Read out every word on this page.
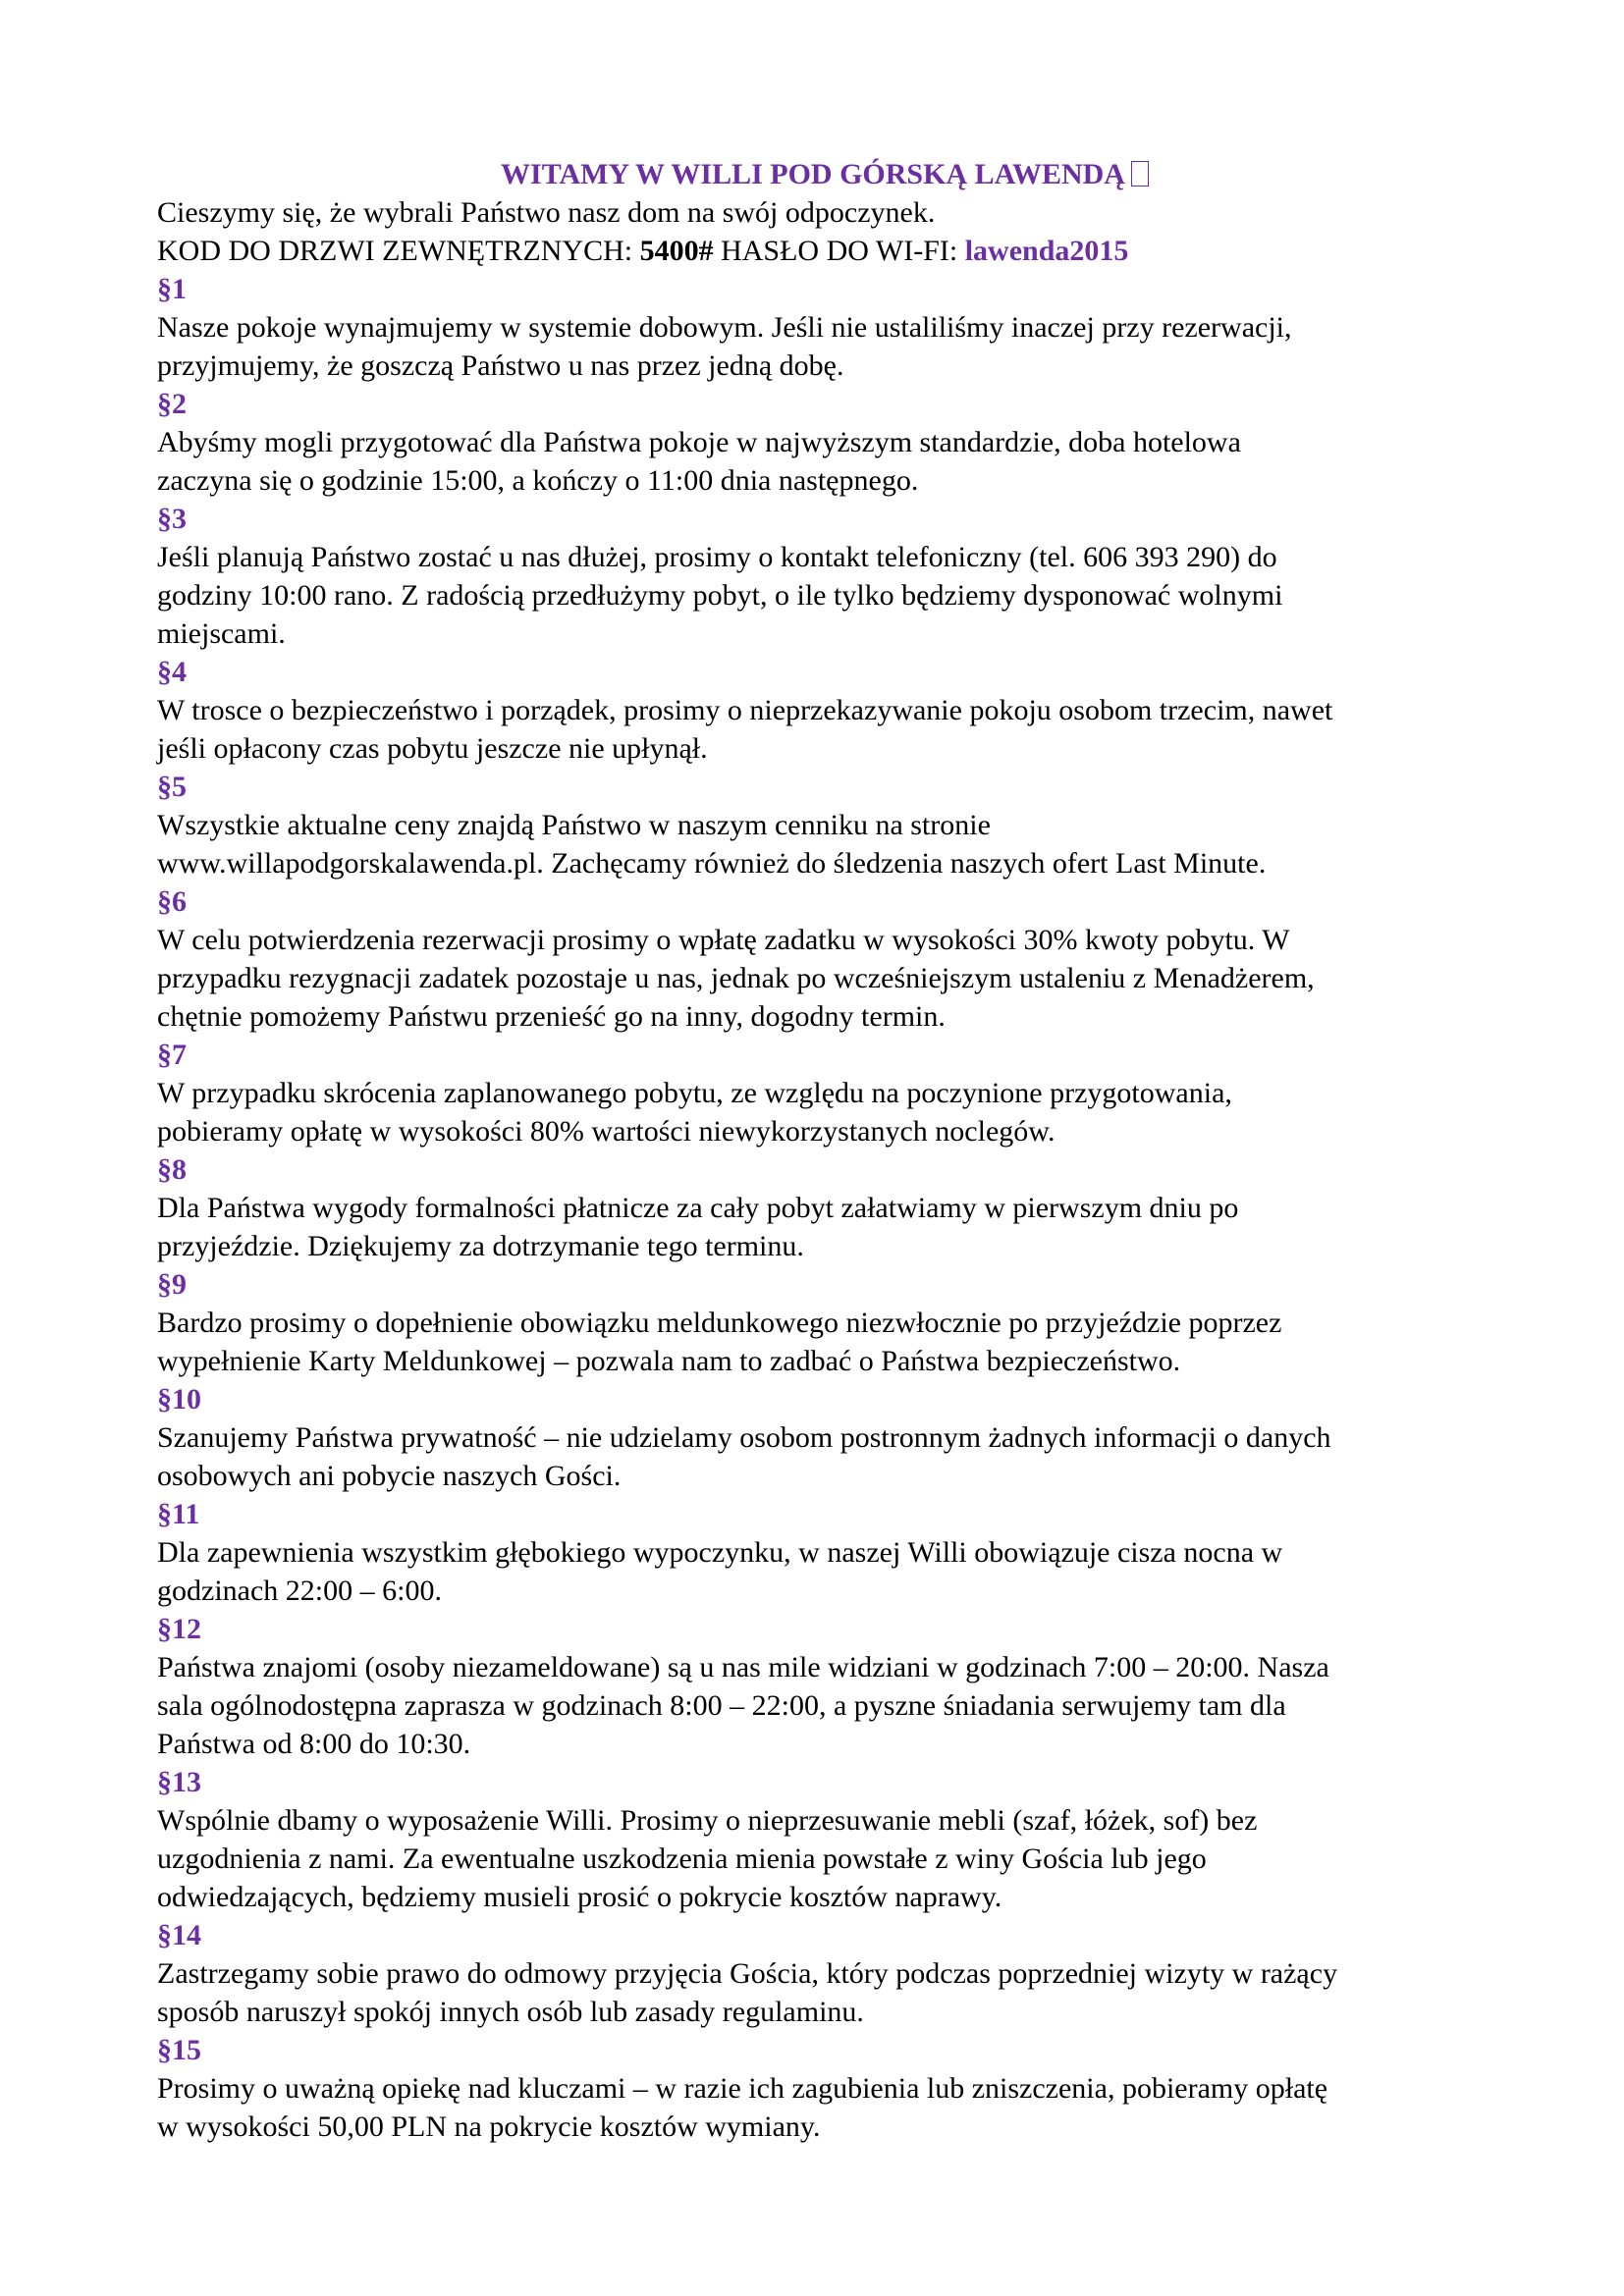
WITAMY W WILLI POD GÓRSKĄ LAWENDĄ

Cieszymy się, że wybrali Państwo nasz dom na swój odpoczynek.

KOD DO DRZWI ZEWNĘTRZNYCH: 5400# HASŁO DO WI-FI: lawenda2015

§1

Nasze pokoje wynajmujemy w systemie dobowym. Jeśli nie ustaliliśmy inaczej przy rezerwacji,
przyjmujemy, że goszczą Państwo u nas przez jedną dobę.

§2

Abyśmy mogli przygotować dla Państwa pokoje w najwyższym standardzie, doba hotelowa
zaczyna się o godzinie 15:00, a kończy o 11:00 dnia następnego.

§3

Jeśli planują Państwo zostać u nas dłużej, prosimy o kontakt telefoniczny (tel. 606 393 290) do
godziny 10:00 rano. Z radością przedłużymy pobyt, o ile tylko będziemy dysponować wolnymi
miejscami.

§4

W trosce o bezpieczeństwo i porządek, prosimy o nieprzekazywanie pokoju osobom trzecim, nawet
jeśli opłacony czas pobytu jeszcze nie upłynął.

§5

Wszystkie aktualne ceny znajdą Państwo w naszym cenniku na stronie
www.willapodgorskalawenda.pl. Zachęcamy również do śledzenia naszych ofert Last Minute.

§6

W celu potwierdzenia rezerwacji prosimy o wpłatę zadatku w wysokości 30% kwoty pobytu. W
przypadku rezygnacji zadatek pozostaje u nas, jednak po wcześniejszym ustaleniu z Menadżerem,
chętnie pomożemy Państwu przenieść go na inny, dogodny termin.

§7

W przypadku skrócenia zaplanowanego pobytu, ze względu na poczynione przygotowania,
pobieramy opłatę w wysokości 80% wartości niewykorzystanych noclegów.

§8

Dla Państwa wygody formalności płatnicze za cały pobyt załatwiamy w pierwszym dniu po
przyjeździe. Dziękujemy za dotrzymanie tego terminu.

§9

Bardzo prosimy o dopełnienie obowiązku meldunkowego niezwłocznie po przyjeździe poprzez
wypełnienie Karty Meldunkowej – pozwala nam to zadbać o Państwa bezpieczeństwo.

§10

Szanujemy Państwa prywatność – nie udzielamy osobom postronnym żadnych informacji o danych
osobowych ani pobycie naszych Gości.

§11

Dla zapewnienia wszystkim głębokiego wypoczynku, w naszej Willi obowiązuje cisza nocna w
godzinach 22:00 – 6:00.

§12

Państwa znajomi (osoby niezameldowane) są u nas mile widziani w godzinach 7:00 – 20:00. Nasza
sala ogólnodostępna zaprasza w godzinach 8:00 – 22:00, a pyszne śniadania serwujemy tam dla
Państwa od 8:00 do 10:30.

§13

Wspólnie dbamy o wyposażenie Willi. Prosimy o nieprzesuwanie mebli (szaf, łóżek, sof) bez
uzgodnienia z nami. Za ewentualne uszkodzenia mienia powstałe z winy Gościa lub jego
odwiedzających, będziemy musieli prosić o pokrycie kosztów naprawy.

§14

Zastrzegamy sobie prawo do odmowy przyjęcia Gościa, który podczas poprzedniej wizyty w rażący
sposób naruszył spokój innych osób lub zasady regulaminu.

§15

Prosimy o uważną opiekę nad kluczami – w razie ich zagubienia lub zniszczenia, pobieramy opłatę
w wysokości 50,00 PLN na pokrycie kosztów wymiany.
